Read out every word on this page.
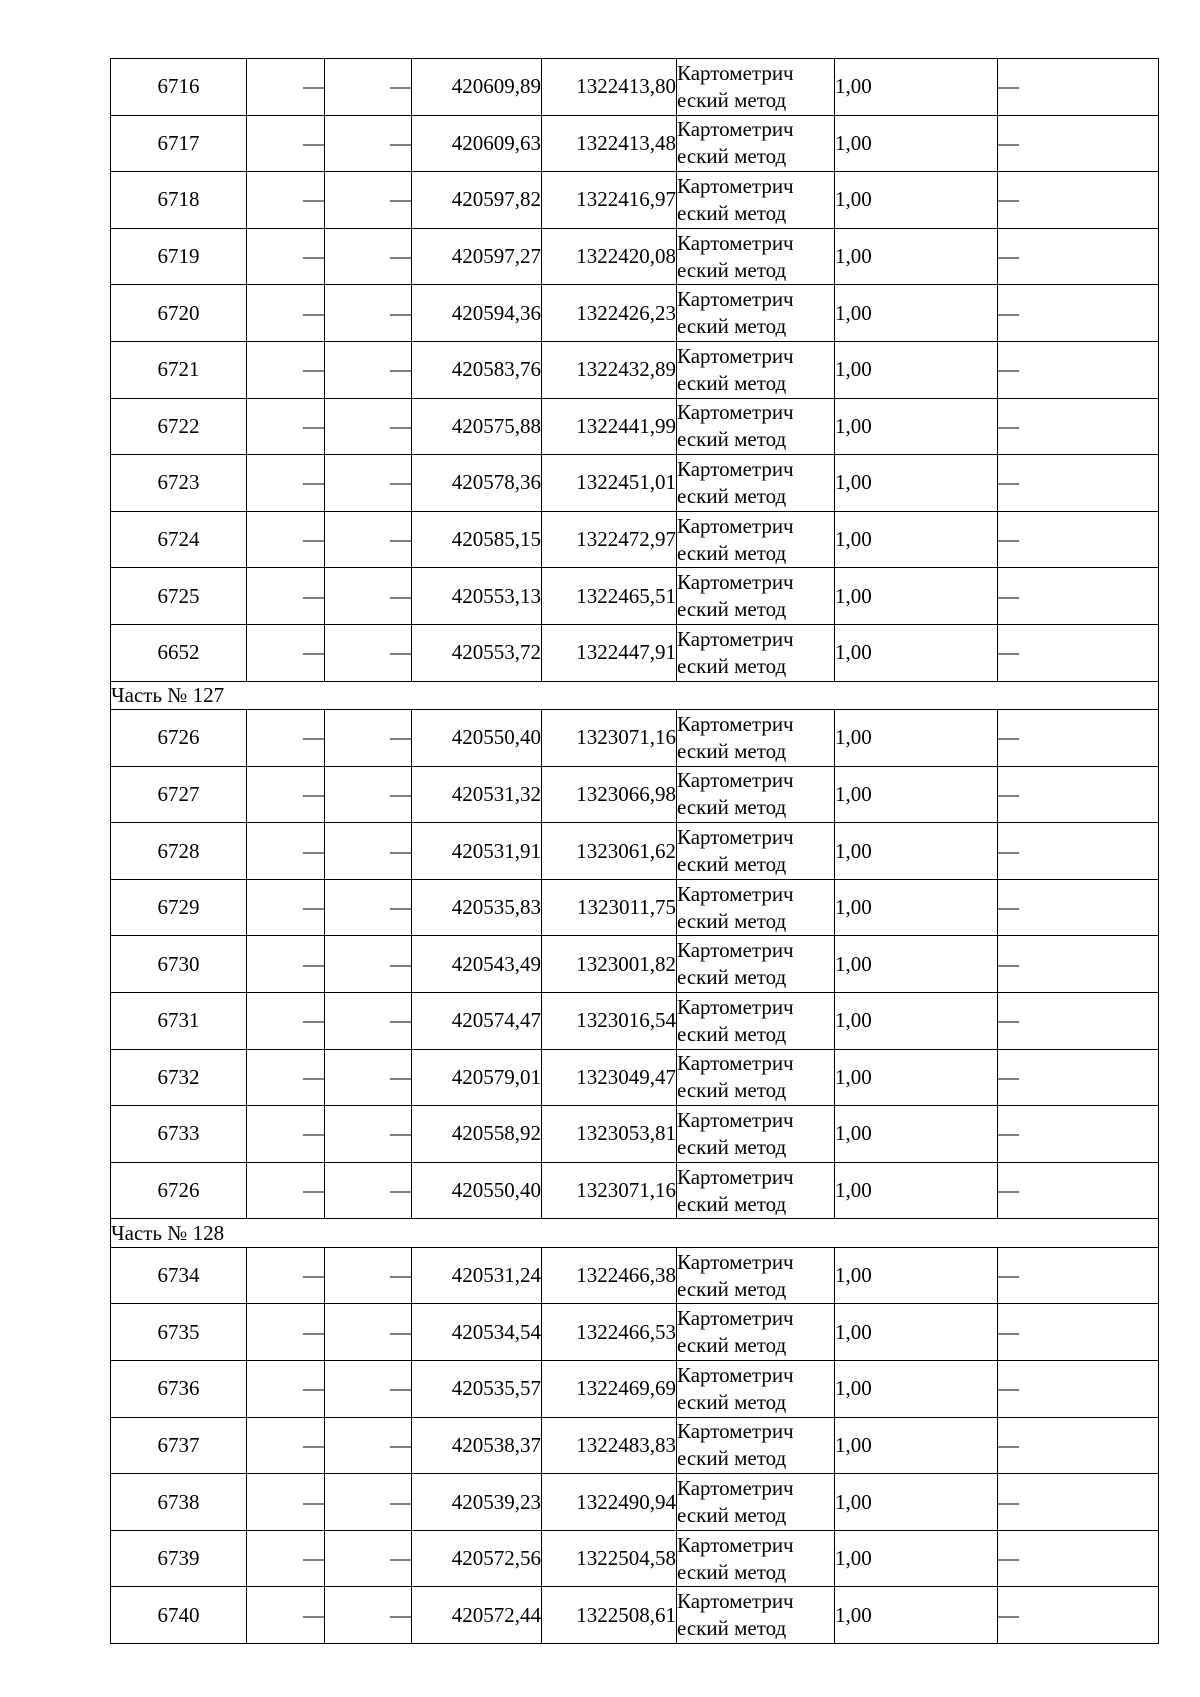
6716	—	—	420609,89	1322413,80	Картометрич
еский метод	1,00	—
6717	—	—	420609,63	1322413,48	Картометрич
еский метод	1,00	—
6718	—	—	420597,82	1322416,97	Картометрич
еский метод	1,00	—
6719	—	—	420597,27	1322420,08	Картометрич
еский метод	1,00	—
6720	—	—	420594,36	1322426,23	Картометрич
еский метод	1,00	—
6721	—	—	420583,76	1322432,89	Картометрич
еский метод	1,00	—
6722	—	—	420575,88	1322441,99	Картометрич
еский метод	1,00	—
6723	—	—	420578,36	1322451,01	Картометрич
еский метод	1,00	—
6724	—	—	420585,15	1322472,97	Картометрич
еский метод	1,00	—
6725	—	—	420553,13	1322465,51	Картометрич
еский метод	1,00	—
6652	—	—	420553,72	1322447,91	Картометрич
еский метод	1,00	—
Часть № 127							
6726	—	—	420550,40	1323071,16	Картометрич
еский метод	1,00	—
6727	—	—	420531,32	1323066,98	Картометрич
еский метод	1,00	—
6728	—	—	420531,91	1323061,62	Картометрич
еский метод	1,00	—
6729	—	—	420535,83	1323011,75	Картометрич
еский метод	1,00	—
6730	—	—	420543,49	1323001,82	Картометрич
еский метод	1,00	—
6731	—	—	420574,47	1323016,54	Картометрич
еский метод	1,00	—
6732	—	—	420579,01	1323049,47	Картометрич
еский метод	1,00	—
6733	—	—	420558,92	1323053,81	Картометрич
еский метод	1,00	—
6726	—	—	420550,40	1323071,16	Картометрич
еский метод	1,00	—
Часть № 128							
6734	—	—	420531,24	1322466,38	Картометрич
еский метод	1,00	—
6735	—	—	420534,54	1322466,53	Картометрич
еский метод	1,00	—
6736	—	—	420535,57	1322469,69	Картометрич
еский метод	1,00	—
6737	—	—	420538,37	1322483,83	Картометрич
еский метод	1,00	—
6738	—	—	420539,23	1322490,94	Картометрич
еский метод	1,00	—
6739	—	—	420572,56	1322504,58	Картометрич
еский метод	1,00	—
6740	—	—	420572,44	1322508,61	Картометрич
еский метод	1,00	—
